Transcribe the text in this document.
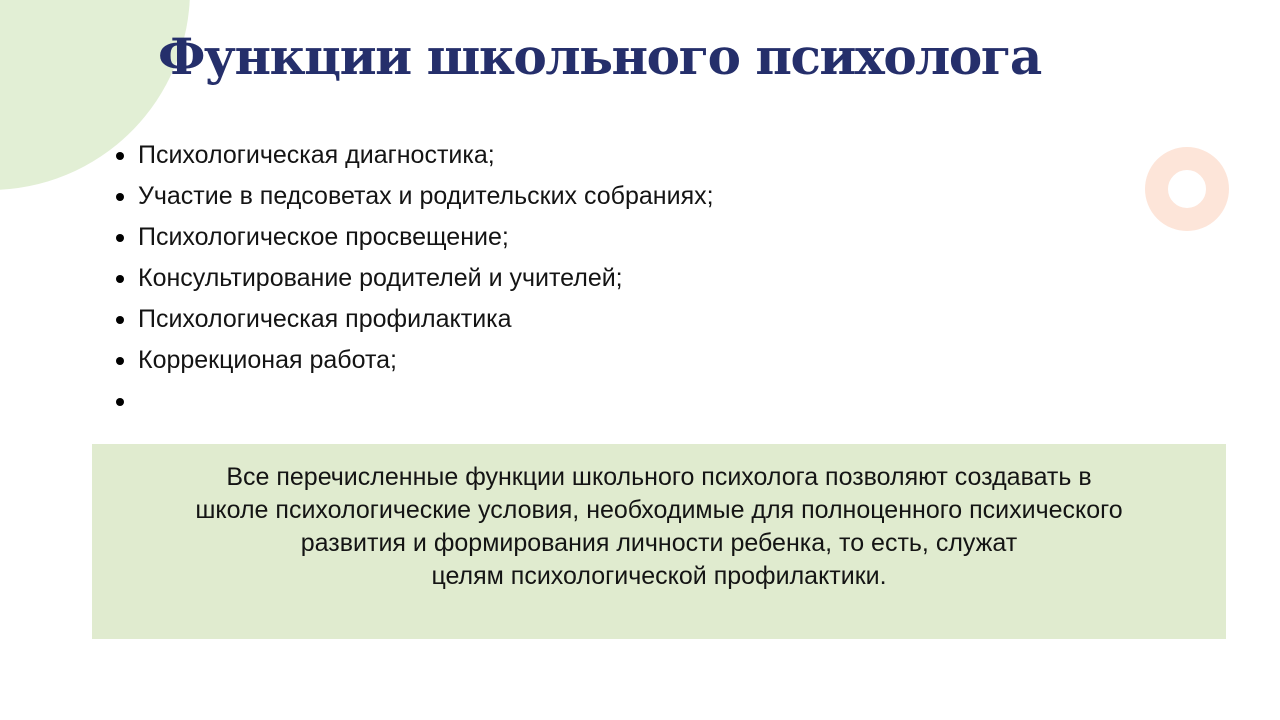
Функции школьного психолога
Психологическая диагностика;
Участие в педсоветах и родительских собраниях;
Психологическое просвещение;
Консультирование родителей и учителей;
Психологическая профилактика
Коррекционая работа;

Все перечисленные функции школьного психолога позволяют создавать в
школе психологические условия, необходимые для полноценного психического
развития и формирования личности ребенка, то есть, служат
целям психологической профилактики.
